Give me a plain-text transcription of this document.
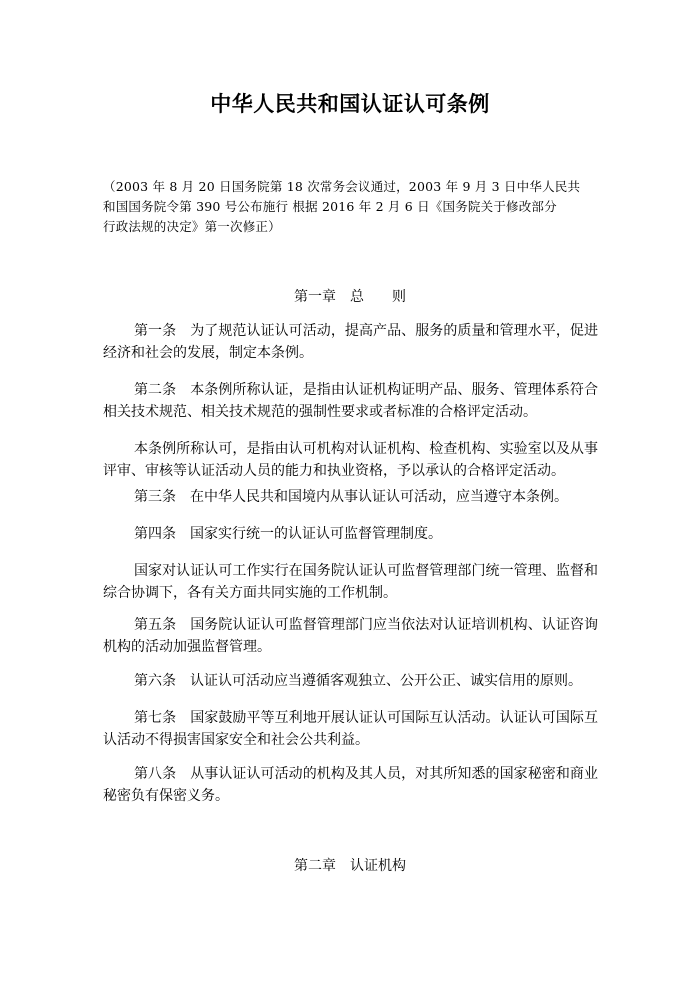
中华人民共和国认证认可条例

（2003 年 8 月 20 日国务院第 18 次常务会议通过，2003 年 9 月 3 日中华人民共

和国国务院令第 390 号公布施行 根据 2016 年 2 月 6 日《国务院关于修改部分

行政法规的决定》第一次修正）

第一章　总　　则

第一条　为了规范认证认可活动，提高产品、服务的质量和管理水平，促进经济和社会的发展，制定本条例。

第二条　本条例所称认证，是指由认证机构证明产品、服务、管理体系符合相关技术规范、相关技术规范的强制性要求或者标准的合格评定活动。

本条例所称认可，是指由认可机构对认证机构、检查机构、实验室以及从事评审、审核等认证活动人员的能力和执业资格，予以承认的合格评定活动。

第三条　在中华人民共和国境内从事认证认可活动，应当遵守本条例。

第四条　国家实行统一的认证认可监督管理制度。

国家对认证认可工作实行在国务院认证认可监督管理部门统一管理、监督和综合协调下，各有关方面共同实施的工作机制。

第五条　国务院认证认可监督管理部门应当依法对认证培训机构、认证咨询机构的活动加强监督管理。

第六条　认证认可活动应当遵循客观独立、公开公正、诚实信用的原则。

第七条　国家鼓励平等互利地开展认证认可国际互认活动。认证认可国际互认活动不得损害国家安全和社会公共利益。

第八条　从事认证认可活动的机构及其人员，对其所知悉的国家秘密和商业秘密负有保密义务。

第二章　认证机构
